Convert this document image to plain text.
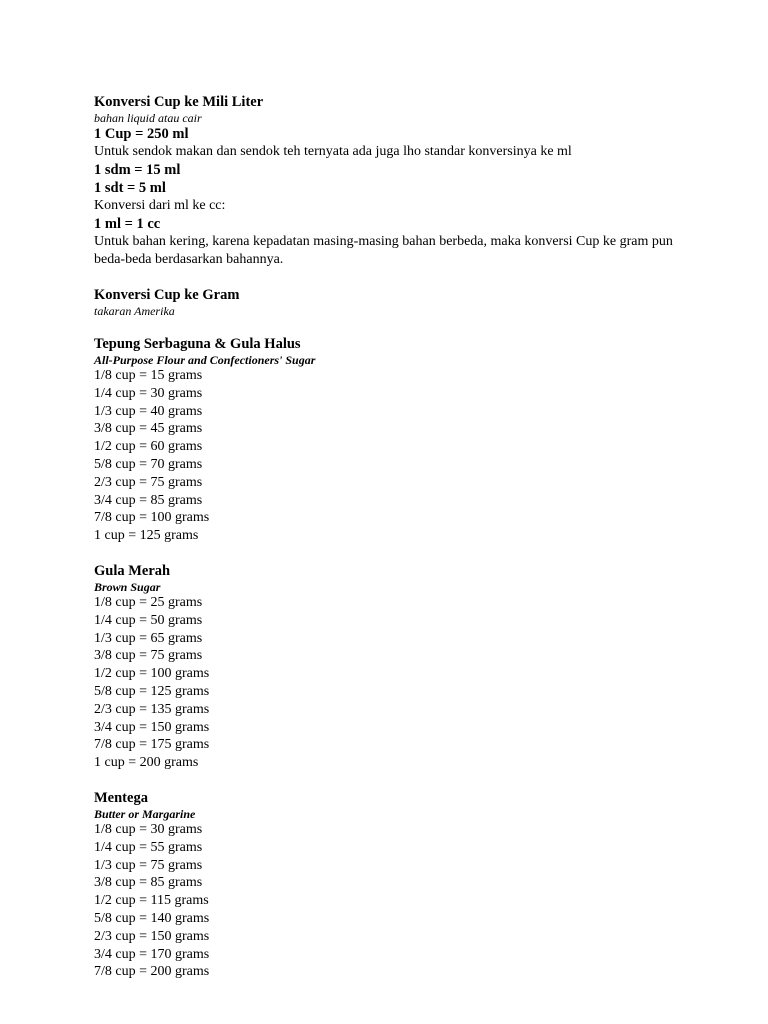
Konversi Cup ke Mili Liter

bahan liquid atau cair

1 Cup = 250 ml

Untuk sendok makan dan sendok teh ternyata ada juga lho standar konversinya ke ml

1 sdm = 15 ml

1 sdt = 5 ml

Konversi dari ml ke cc:

1 ml = 1 cc

Untuk bahan kering, karena kepadatan masing-masing bahan berbeda, maka konversi Cup ke gram pun beda-beda berdasarkan bahannya.

Konversi Cup ke Gram

takaran Amerika

Tepung Serbaguna & Gula Halus

All-Purpose Flour and Confectioners' Sugar

1/8 cup = 15 grams
1/4 cup = 30 grams
1/3 cup = 40 grams
3/8 cup = 45 grams
1/2 cup = 60 grams
5/8 cup = 70 grams
2/3 cup = 75 grams
3/4 cup = 85 grams
7/8 cup = 100 grams
1 cup = 125 grams

Gula Merah

Brown Sugar

1/8 cup = 25 grams
1/4 cup = 50 grams
1/3 cup = 65 grams
3/8 cup = 75 grams
1/2 cup = 100 grams
5/8 cup = 125 grams
2/3 cup = 135 grams
3/4 cup = 150 grams
7/8 cup = 175 grams
1 cup = 200 grams

Mentega

Butter or Margarine

1/8 cup = 30 grams
1/4 cup = 55 grams
1/3 cup = 75 grams
3/8 cup = 85 grams
1/2 cup = 115 grams
5/8 cup = 140 grams
2/3 cup = 150 grams
3/4 cup = 170 grams
7/8 cup = 200 grams
